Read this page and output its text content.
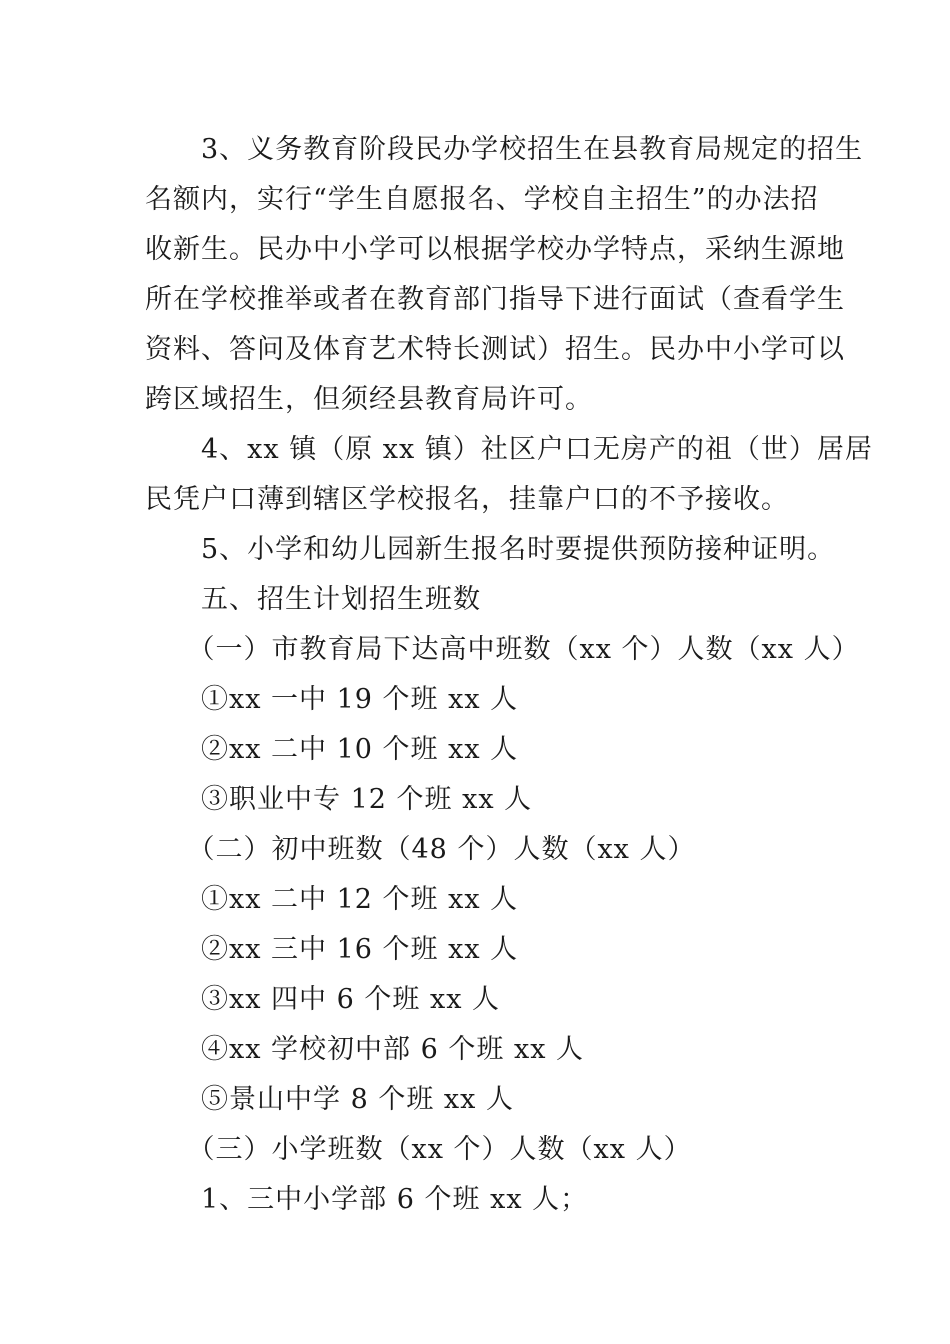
　　3、义务教育阶段民办学校招生在县教育局规定的招生
名额内，实行“学生自愿报名、学校自主招生”的办法招
收新生。民办中小学可以根据学校办学特点，采纳生源地
所在学校推举或者在教育部门指导下进行面试（查看学生
资料、答问及体育艺术特长测试）招生。民办中小学可以
跨区域招生，但须经县教育局许可。
　　4、xx 镇（原 xx 镇）社区户口无房产的祖（世）居居
民凭户口薄到辖区学校报名，挂靠户口的不予接收。
　　5、小学和幼儿园新生报名时要提供预防接种证明。
　　五、招生计划招生班数
　　（一）市教育局下达高中班数（xx 个）人数（xx 人）
　　①xx 一中 19 个班 xx 人
　　②xx 二中 10 个班 xx 人
　　③职业中专 12 个班 xx 人
　　（二）初中班数（48 个）人数（xx 人）
　　①xx 二中 12 个班 xx 人
　　②xx 三中 16 个班 xx 人
　　③xx 四中 6 个班 xx 人
　　④xx 学校初中部 6 个班 xx 人
　　⑤景山中学 8 个班 xx 人
　　（三）小学班数（xx 个）人数（xx 人）
　　1、三中小学部 6 个班 xx 人；
